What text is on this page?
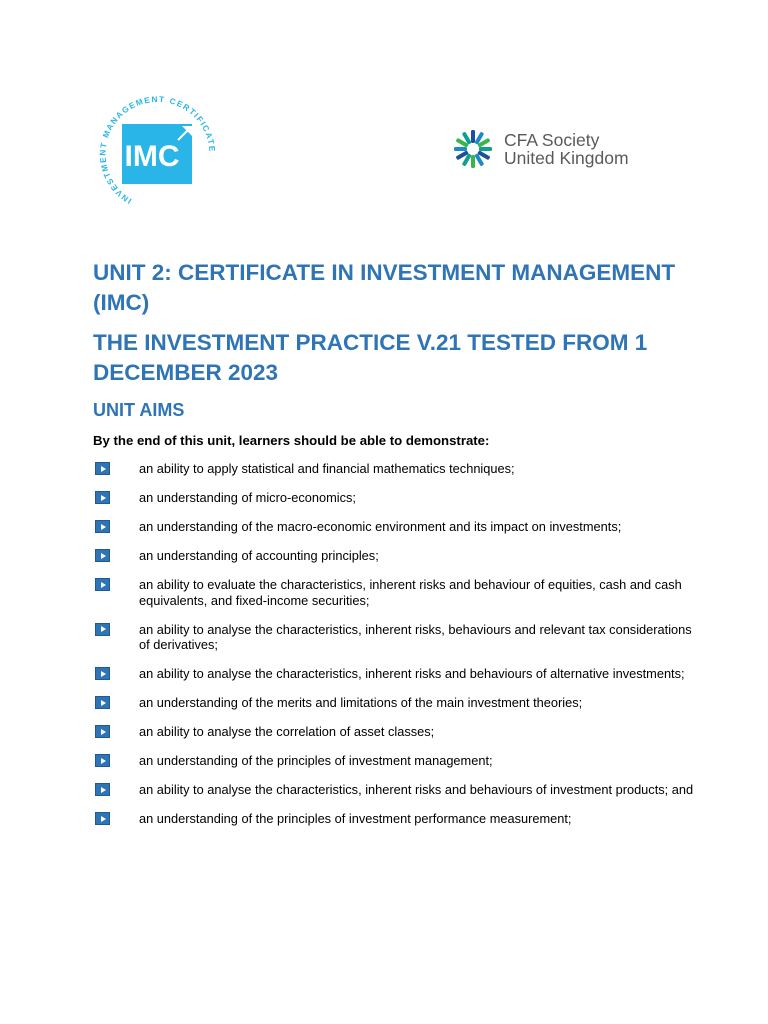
IMC
INVESTMENT MANAGEMENT CERTIFICATE	CFA Society
United Kingdom
UNIT 2: CERTIFICATE IN INVESTMENT MANAGEMENT (IMC)
THE INVESTMENT PRACTICE V.21 TESTED FROM 1 DECEMBER 2023
UNIT AIMS

By the end of this unit, learners should be able to demonstrate:

an ability to apply statistical and financial mathematics techniques;
an understanding of micro-economics;
an understanding of the macro-economic environment and its impact on investments;
an understanding of accounting principles;
an ability to evaluate the characteristics, inherent risks and behaviour of equities, cash and cash equivalents, and fixed-income securities;
an ability to analyse the characteristics, inherent risks, behaviours and relevant tax considerations of derivatives;
an ability to analyse the characteristics, inherent risks and behaviours of alternative investments;
an understanding of the merits and limitations of the main investment theories;
an ability to analyse the correlation of asset classes;
an understanding of the principles of investment management;
an ability to analyse the characteristics, inherent risks and behaviours of investment products; and
an understanding of the principles of investment performance measurement;
